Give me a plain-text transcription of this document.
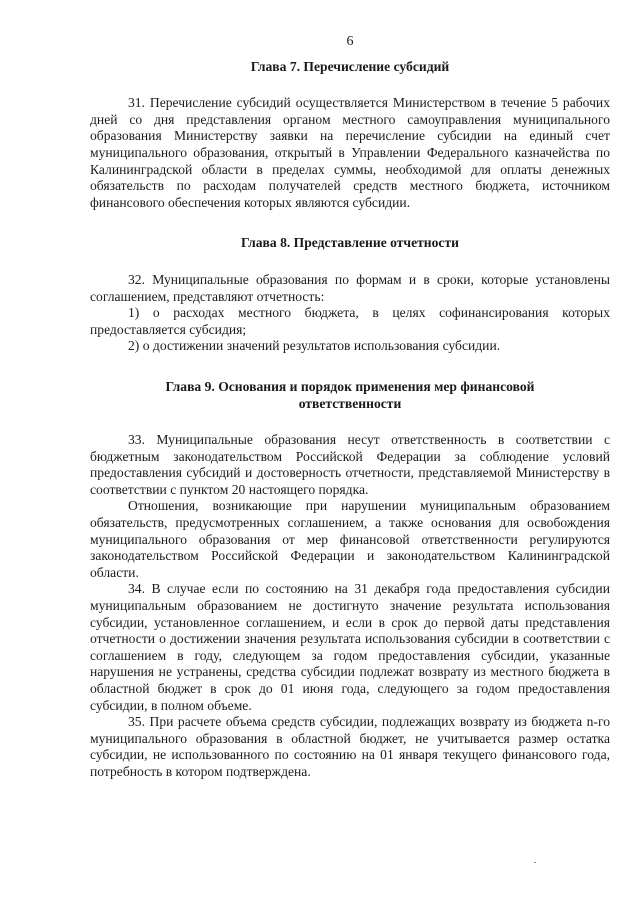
6
Глава 7. Перечисление субсидий

31. Перечисление субсидий осуществляется Министерством в течение 5 рабочих дней со дня представления органом местного самоуправления муниципального образования Министерству заявки на перечисление субсидии на единый счет муниципального образования, открытый в Управлении Федерального казначейства по Калининградской области в пределах суммы, необходимой для оплаты денежных обязательств по расходам получателей средств местного бюджета, источником финансового обеспечения которых являются субсидии.

Глава 8. Представление отчетности

32. Муниципальные образования по формам и в сроки, которые установлены соглашением, представляют отчетность:

1) о расходах местного бюджета, в целях софинансирования которых предоставляется субсидия;

2) о достижении значений результатов использования субсидии.

Глава 9. Основания и порядок применения мер финансовой
ответственности

33. Муниципальные образования несут ответственность в соответствии с бюджетным законодательством Российской Федерации за соблюдение условий предоставления субсидий и достоверность отчетности, представляемой Министерству в соответствии с пунктом 20 настоящего порядка.

Отношения, возникающие при нарушении муниципальным образованием обязательств, предусмотренных соглашением, а также основания для освобождения муниципального образования от мер финансовой ответственности регулируются законодательством Российской Федерации и законодательством Калининградской области.

34. В случае если по состоянию на 31 декабря года предоставления субсидии муниципальным образованием не достигнуто значение результата использования субсидии, установленное соглашением, и если в срок до первой даты представления отчетности о достижении значения результата использования субсидии в соответствии с соглашением в году, следующем за годом предоставления субсидии, указанные нарушения не устранены, средства субсидии подлежат возврату из местного бюджета в областной бюджет в срок до 01 июня года, следующего за годом предоставления субсидии, в полном объеме.

35. При расчете объема средств субсидии, подлежащих возврату из бюджета n-го муниципального образования в областной бюджет, не учитывается размер остатка субсидии, не использованного по состоянию на 01 января текущего финансового года, потребность в котором подтверждена.
